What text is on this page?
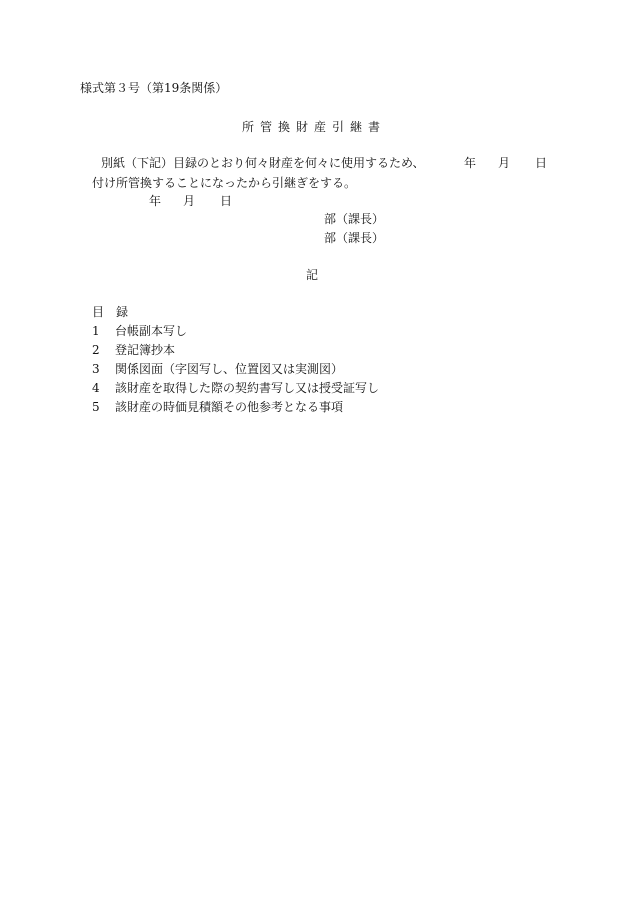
様式第３号（第19条関係）
所管換財産引継書
別紙（下記）目録のとおり何々財産を何々に使用するため、	年 月 日
付け所管換することになったから引継ぎをする。
年 月 日
部（課長）
部（課長）
記
目　録
1 台帳副本写し
2 登記簿抄本
3 関係図面（字図写し、位置図又は実測図）
4 該財産を取得した際の契約書写し又は授受証写し
5 該財産の時価見積額その他参考となる事項
